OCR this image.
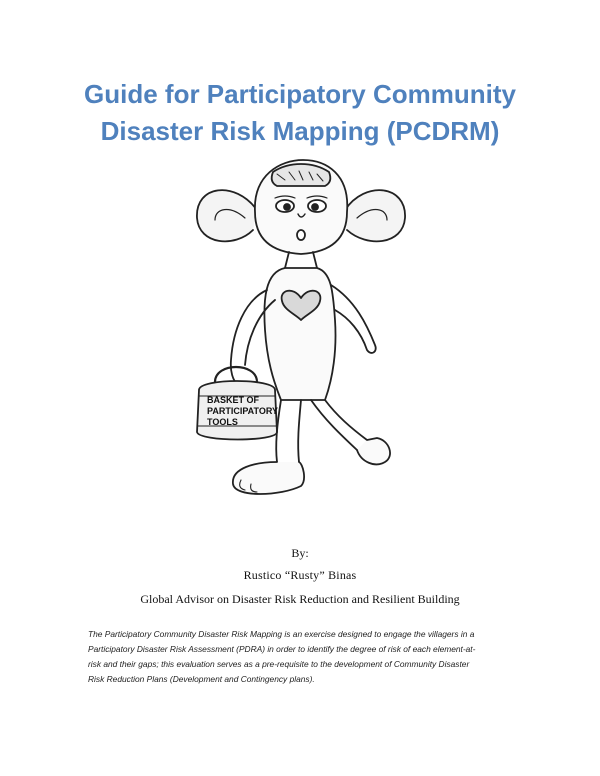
Guide for Participatory Community
Disaster Risk Mapping (PCDRM)
BASKET OF
PARTICIPATORY
TOOLS
By:
Rustico “Rusty” Binas
Global Advisor on Disaster Risk Reduction and Resilient Building
The Participatory Community Disaster Risk Mapping is an exercise designed to engage the villagers in a
Participatory Disaster Risk Assessment (PDRA) in order to identify the degree of risk of each element-at-
risk and their gaps; this evaluation serves as a pre-requisite to the development of Community Disaster
Risk Reduction Plans (Development and Contingency plans).
